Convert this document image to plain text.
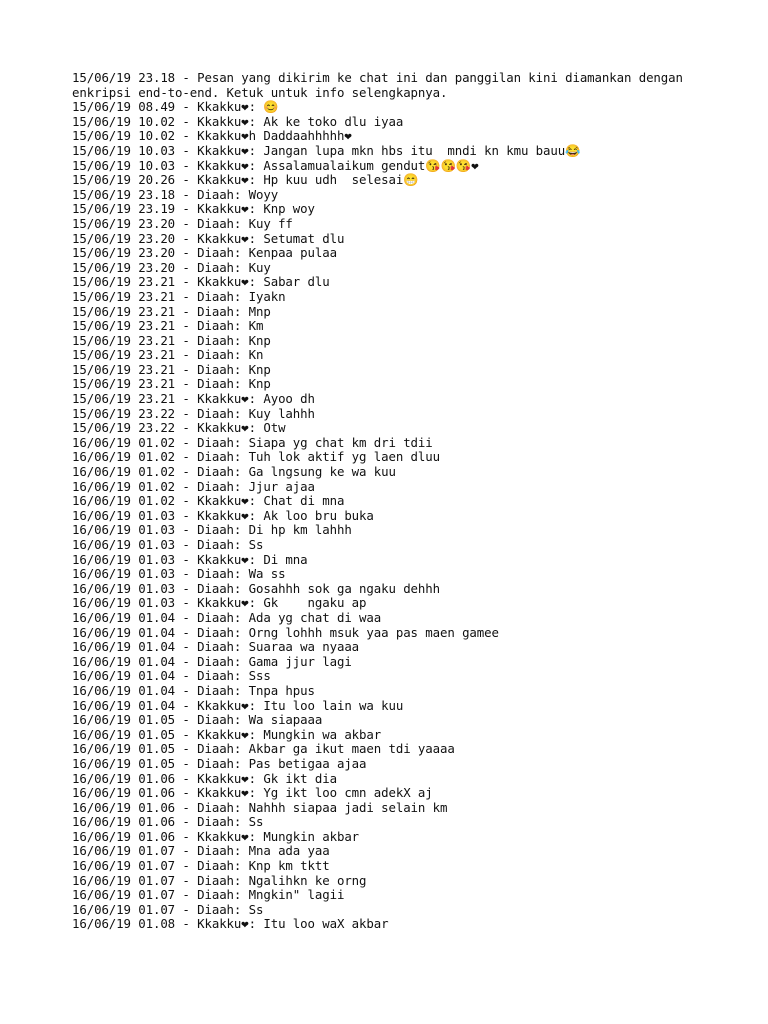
15/06/19 23.18 - Pesan yang dikirim ke chat ini dan panggilan kini diamankan dengan
enkripsi end-to-end. Ketuk untuk info selengkapnya.
15/06/19 08.49 - Kkakku❤: 😊
15/06/19 10.02 - Kkakku❤: Ak ke toko dlu iyaa
15/06/19 10.02 - Kkakku❤h Daddaahhhhh❤
15/06/19 10.03 - Kkakku❤: Jangan lupa mkn hbs itu  mndi kn kmu bauu😂
15/06/19 10.03 - Kkakku❤: Assalamualaikum gendut😘😘😘❤
15/06/19 20.26 - Kkakku❤: Hp kuu udh  selesai😁
15/06/19 23.18 - Diaah: Woyy
15/06/19 23.19 - Kkakku❤: Knp woy
15/06/19 23.20 - Diaah: Kuy ff
15/06/19 23.20 - Kkakku❤: Setumat dlu
15/06/19 23.20 - Diaah: Kenpaa pulaa
15/06/19 23.20 - Diaah: Kuy
15/06/19 23.21 - Kkakku❤: Sabar dlu
15/06/19 23.21 - Diaah: Iyakn
15/06/19 23.21 - Diaah: Mnp
15/06/19 23.21 - Diaah: Km
15/06/19 23.21 - Diaah: Knp
15/06/19 23.21 - Diaah: Kn
15/06/19 23.21 - Diaah: Knp
15/06/19 23.21 - Diaah: Knp
15/06/19 23.21 - Kkakku❤: Ayoo dh
15/06/19 23.22 - Diaah: Kuy lahhh
15/06/19 23.22 - Kkakku❤: Otw
16/06/19 01.02 - Diaah: Siapa yg chat km dri tdii
16/06/19 01.02 - Diaah: Tuh lok aktif yg laen dluu
16/06/19 01.02 - Diaah: Ga lngsung ke wa kuu
16/06/19 01.02 - Diaah: Jjur ajaa
16/06/19 01.02 - Kkakku❤: Chat di mna
16/06/19 01.03 - Kkakku❤: Ak loo bru buka
16/06/19 01.03 - Diaah: Di hp km lahhh
16/06/19 01.03 - Diaah: Ss
16/06/19 01.03 - Kkakku❤: Di mna
16/06/19 01.03 - Diaah: Wa ss
16/06/19 01.03 - Diaah: Gosahhh sok ga ngaku dehhh
16/06/19 01.03 - Kkakku❤: Gk    ngaku ap
16/06/19 01.04 - Diaah: Ada yg chat di waa
16/06/19 01.04 - Diaah: Orng lohhh msuk yaa pas maen gamee
16/06/19 01.04 - Diaah: Suaraa wa nyaaa
16/06/19 01.04 - Diaah: Gama jjur lagi
16/06/19 01.04 - Diaah: Sss
16/06/19 01.04 - Diaah: Tnpa hpus
16/06/19 01.04 - Kkakku❤: Itu loo lain wa kuu
16/06/19 01.05 - Diaah: Wa siapaaa
16/06/19 01.05 - Kkakku❤: Mungkin wa akbar
16/06/19 01.05 - Diaah: Akbar ga ikut maen tdi yaaaa
16/06/19 01.05 - Diaah: Pas betigaa ajaa
16/06/19 01.06 - Kkakku❤: Gk ikt dia
16/06/19 01.06 - Kkakku❤: Yg ikt loo cmn adekX aj
16/06/19 01.06 - Diaah: Nahhh siapaa jadi selain km
16/06/19 01.06 - Diaah: Ss
16/06/19 01.06 - Kkakku❤: Mungkin akbar
16/06/19 01.07 - Diaah: Mna ada yaa
16/06/19 01.07 - Diaah: Knp km tktt
16/06/19 01.07 - Diaah: Ngalihkn ke orng
16/06/19 01.07 - Diaah: Mngkin" lagii
16/06/19 01.07 - Diaah: Ss
16/06/19 01.08 - Kkakku❤: Itu loo waX akbar
